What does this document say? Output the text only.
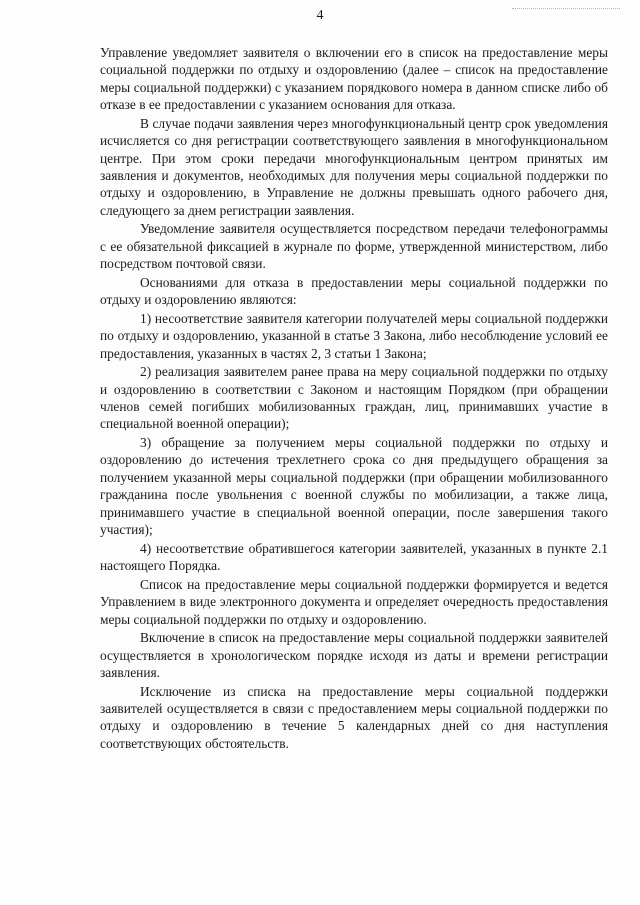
4

Управление уведомляет заявителя о включении его в список на предоставление меры социальной поддержки по отдыху и оздоровлению (далее – список на предоставление меры социальной поддержки) с указанием порядкового номера в данном списке либо об отказе в ее предоставлении с указанием основания для отказа.

В случае подачи заявления через многофункциональный центр срок уведомления исчисляется со дня регистрации соответствующего заявления в многофункциональном центре. При этом сроки передачи многофункциональным центром принятых им заявления и документов, необходимых для получения меры социальной поддержки по отдыху и оздоровлению, в Управление не должны превышать одного рабочего дня, следующего за днем регистрации заявления.

Уведомление заявителя осуществляется посредством передачи телефонограммы с ее обязательной фиксацией в журнале по форме, утвержденной министерством, либо посредством почтовой связи.

Основаниями для отказа в предоставлении меры социальной поддержки по отдыху и оздоровлению являются:

1) несоответствие заявителя категории получателей меры социальной поддержки по отдыху и оздоровлению, указанной в статье 3 Закона, либо несоблюдение условий ее предоставления, указанных в частях 2, 3 статьи 1 Закона;

2) реализация заявителем ранее права на меру социальной поддержки по отдыху и оздоровлению в соответствии с Законом и настоящим Порядком (при обращении членов семей погибших мобилизованных граждан, лиц, принимавших участие в специальной военной операции);

3) обращение за получением меры социальной поддержки по отдыху и оздоровлению до истечения трехлетнего срока со дня предыдущего обращения за получением указанной меры социальной поддержки (при обращении мобилизованного гражданина после увольнения с военной службы по мобилизации, а также лица, принимавшего участие в специальной военной операции, после завершения такого участия);

4) несоответствие обратившегося категории заявителей, указанных в пункте 2.1 настоящего Порядка.

Список на предоставление меры социальной поддержки формируется и ведется Управлением в виде электронного документа и определяет очередность предоставления меры социальной поддержки по отдыху и оздоровлению.

Включение в список на предоставление меры социальной поддержки заявителей осуществляется в хронологическом порядке исходя из даты и времени регистрации заявления.

Исключение из списка на предоставление меры социальной поддержки заявителей осуществляется в связи с предоставлением меры социальной поддержки по отдыху и оздоровлению в течение 5 календарных дней со дня наступления соответствующих обстоятельств.
